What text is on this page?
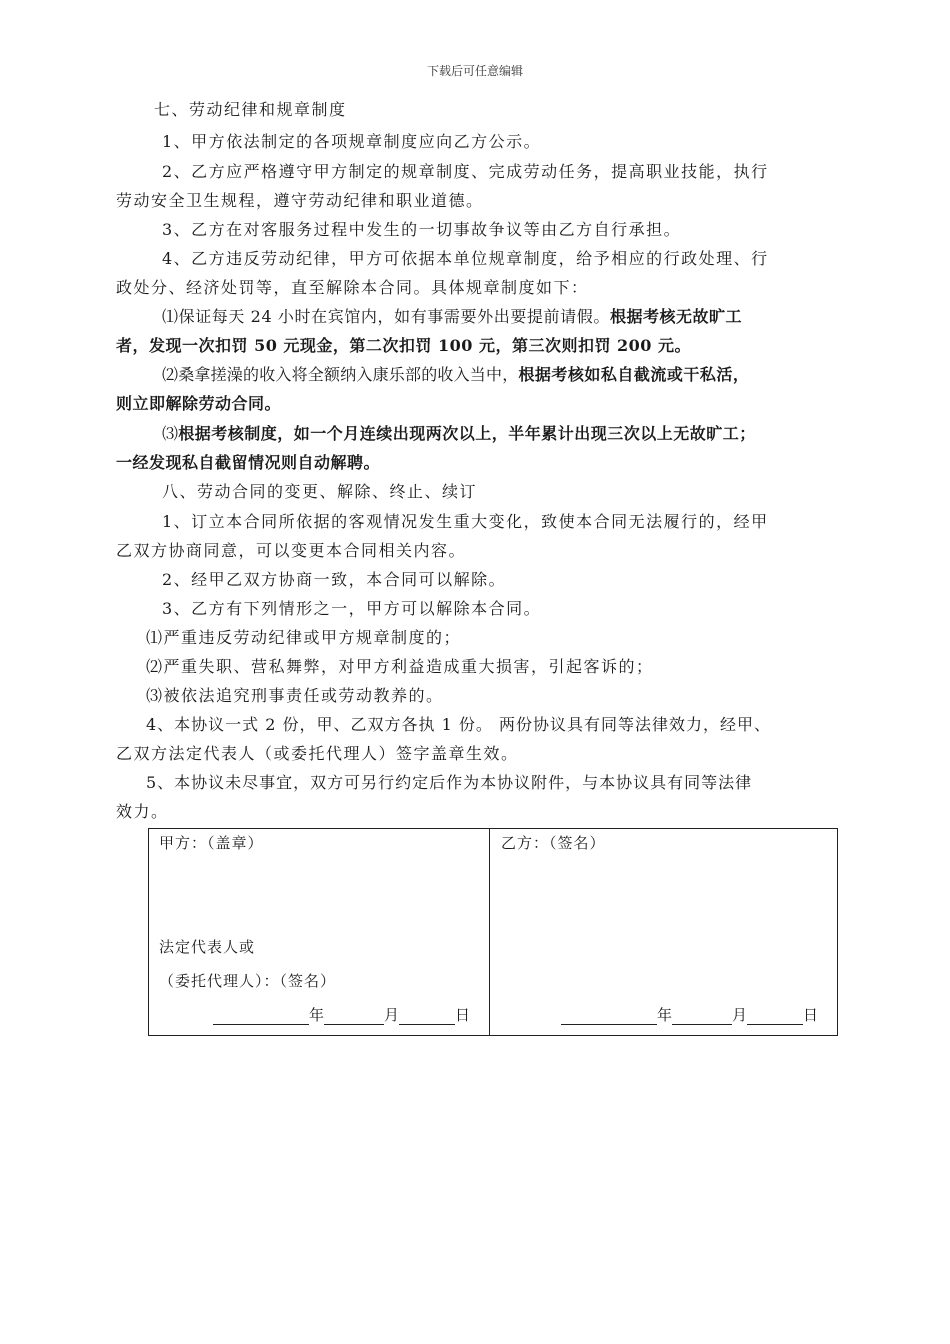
下载后可任意编辑
七、劳动纪律和规章制度
1、甲方依法制定的各项规章制度应向乙方公示。
2、乙方应严格遵守甲方制定的规章制度、完成劳动任务，提高职业技能，执行
劳动安全卫生规程，遵守劳动纪律和职业道德。
3、乙方在对客服务过程中发生的一切事故争议等由乙方自行承担。
4、乙方违反劳动纪律，甲方可依据本单位规章制度，给予相应的行政处理、行
政处分、经济处罚等，直至解除本合同。具体规章制度如下：
⑴保证每天 24 小时在宾馆内，如有事需要外出要提前请假。根据考核无故旷工
者，发现一次扣罚 50 元现金，第二次扣罚 100 元，第三次则扣罚 200 元。
⑵桑拿搓澡的收入将全额纳入康乐部的收入当中，根据考核如私自截流或干私活，
则立即解除劳动合同。
⑶根据考核制度，如一个月连续出现两次以上，半年累计出现三次以上无故旷工；
一经发现私自截留情况则自动解聘。
八、劳动合同的变更、解除、终止、续订
1、订立本合同所依据的客观情况发生重大变化，致使本合同无法履行的，经甲
乙双方协商同意，可以变更本合同相关内容。
2、经甲乙双方协商一致，本合同可以解除。
3、乙方有下列情形之一，甲方可以解除本合同。
⑴严重违反劳动纪律或甲方规章制度的；
⑵严重失职、营私舞弊，对甲方利益造成重大损害，引起客诉的；
⑶被依法追究刑事责任或劳动教养的。
4、本协议一式 2 份，甲、乙双方各执 1 份。 两份协议具有同等法律效力，经甲、
乙双方法定代表人（或委托代理人）签字盖章生效。
5、本协议未尽事宜，双方可另行约定后作为本协议附件，与本协议具有同等法律
效力。
甲方：（盖章）
法定代表人或
（委托代理人）：（签名）
年	月	日
乙方：（签名）
年	月	日
